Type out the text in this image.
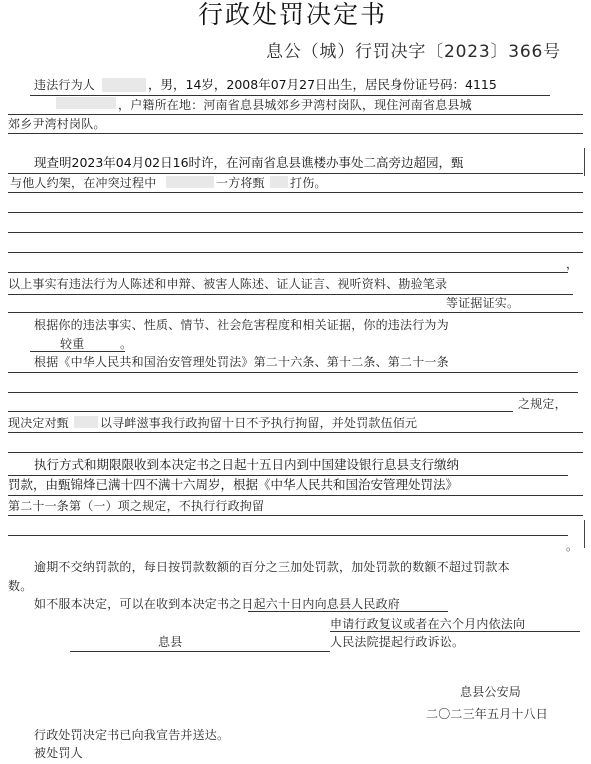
行政处罚决定书
息公（城）行罚决字〔2023〕366号
违法行为人	，男，14岁，2008年07月27日出生，居民身份证号码：4115
，户籍所在地：河南省息县城郊乡尹湾村岗队，现住河南省息县城
郊乡尹湾村岗队。
现查明2023年04月02日16时许，在河南省息县谯楼办事处二高旁边超园，甄
与他人约架，在冲突过程中	一方将甄 打伤。
，
以上事实有违法行为人陈述和申辩、被害人陈述、证人证言、视听资料、勘验笔录
等证据证实。
根据你的违法事实、性质、情节、社会危害程度和相关证据，你的违法行为为
较重	。
根据《中华人民共和国治安管理处罚法》第二十六条、第十二条、第二十一条
之规定，
现决定对甄	以寻衅滋事我行政拘留十日不予执行拘留，并处罚款伍佰元
执行方式和期限限收到本决定书之日起十五日内到中国建设银行息县支行缴纳
罚款，由甄锦烽已满十四不满十六周岁，根据《中华人民共和国治安管理处罚法》
第二十一条第（一）项之规定，不执行行政拘留
。
逾期不交纳罚款的，每日按罚款数额的百分之三加处罚款，加处罚款的数额不超过罚款本
数。
如不服本决定，可以在收到本决定书之日起六十日内向息县人民政府
申请行政复议或者在六个月内依法向
息县	人民法院提起行政诉讼。
息县公安局
二〇二三年五月十八日
行政处罚决定书已向我宣告并送达。
被处罚人
